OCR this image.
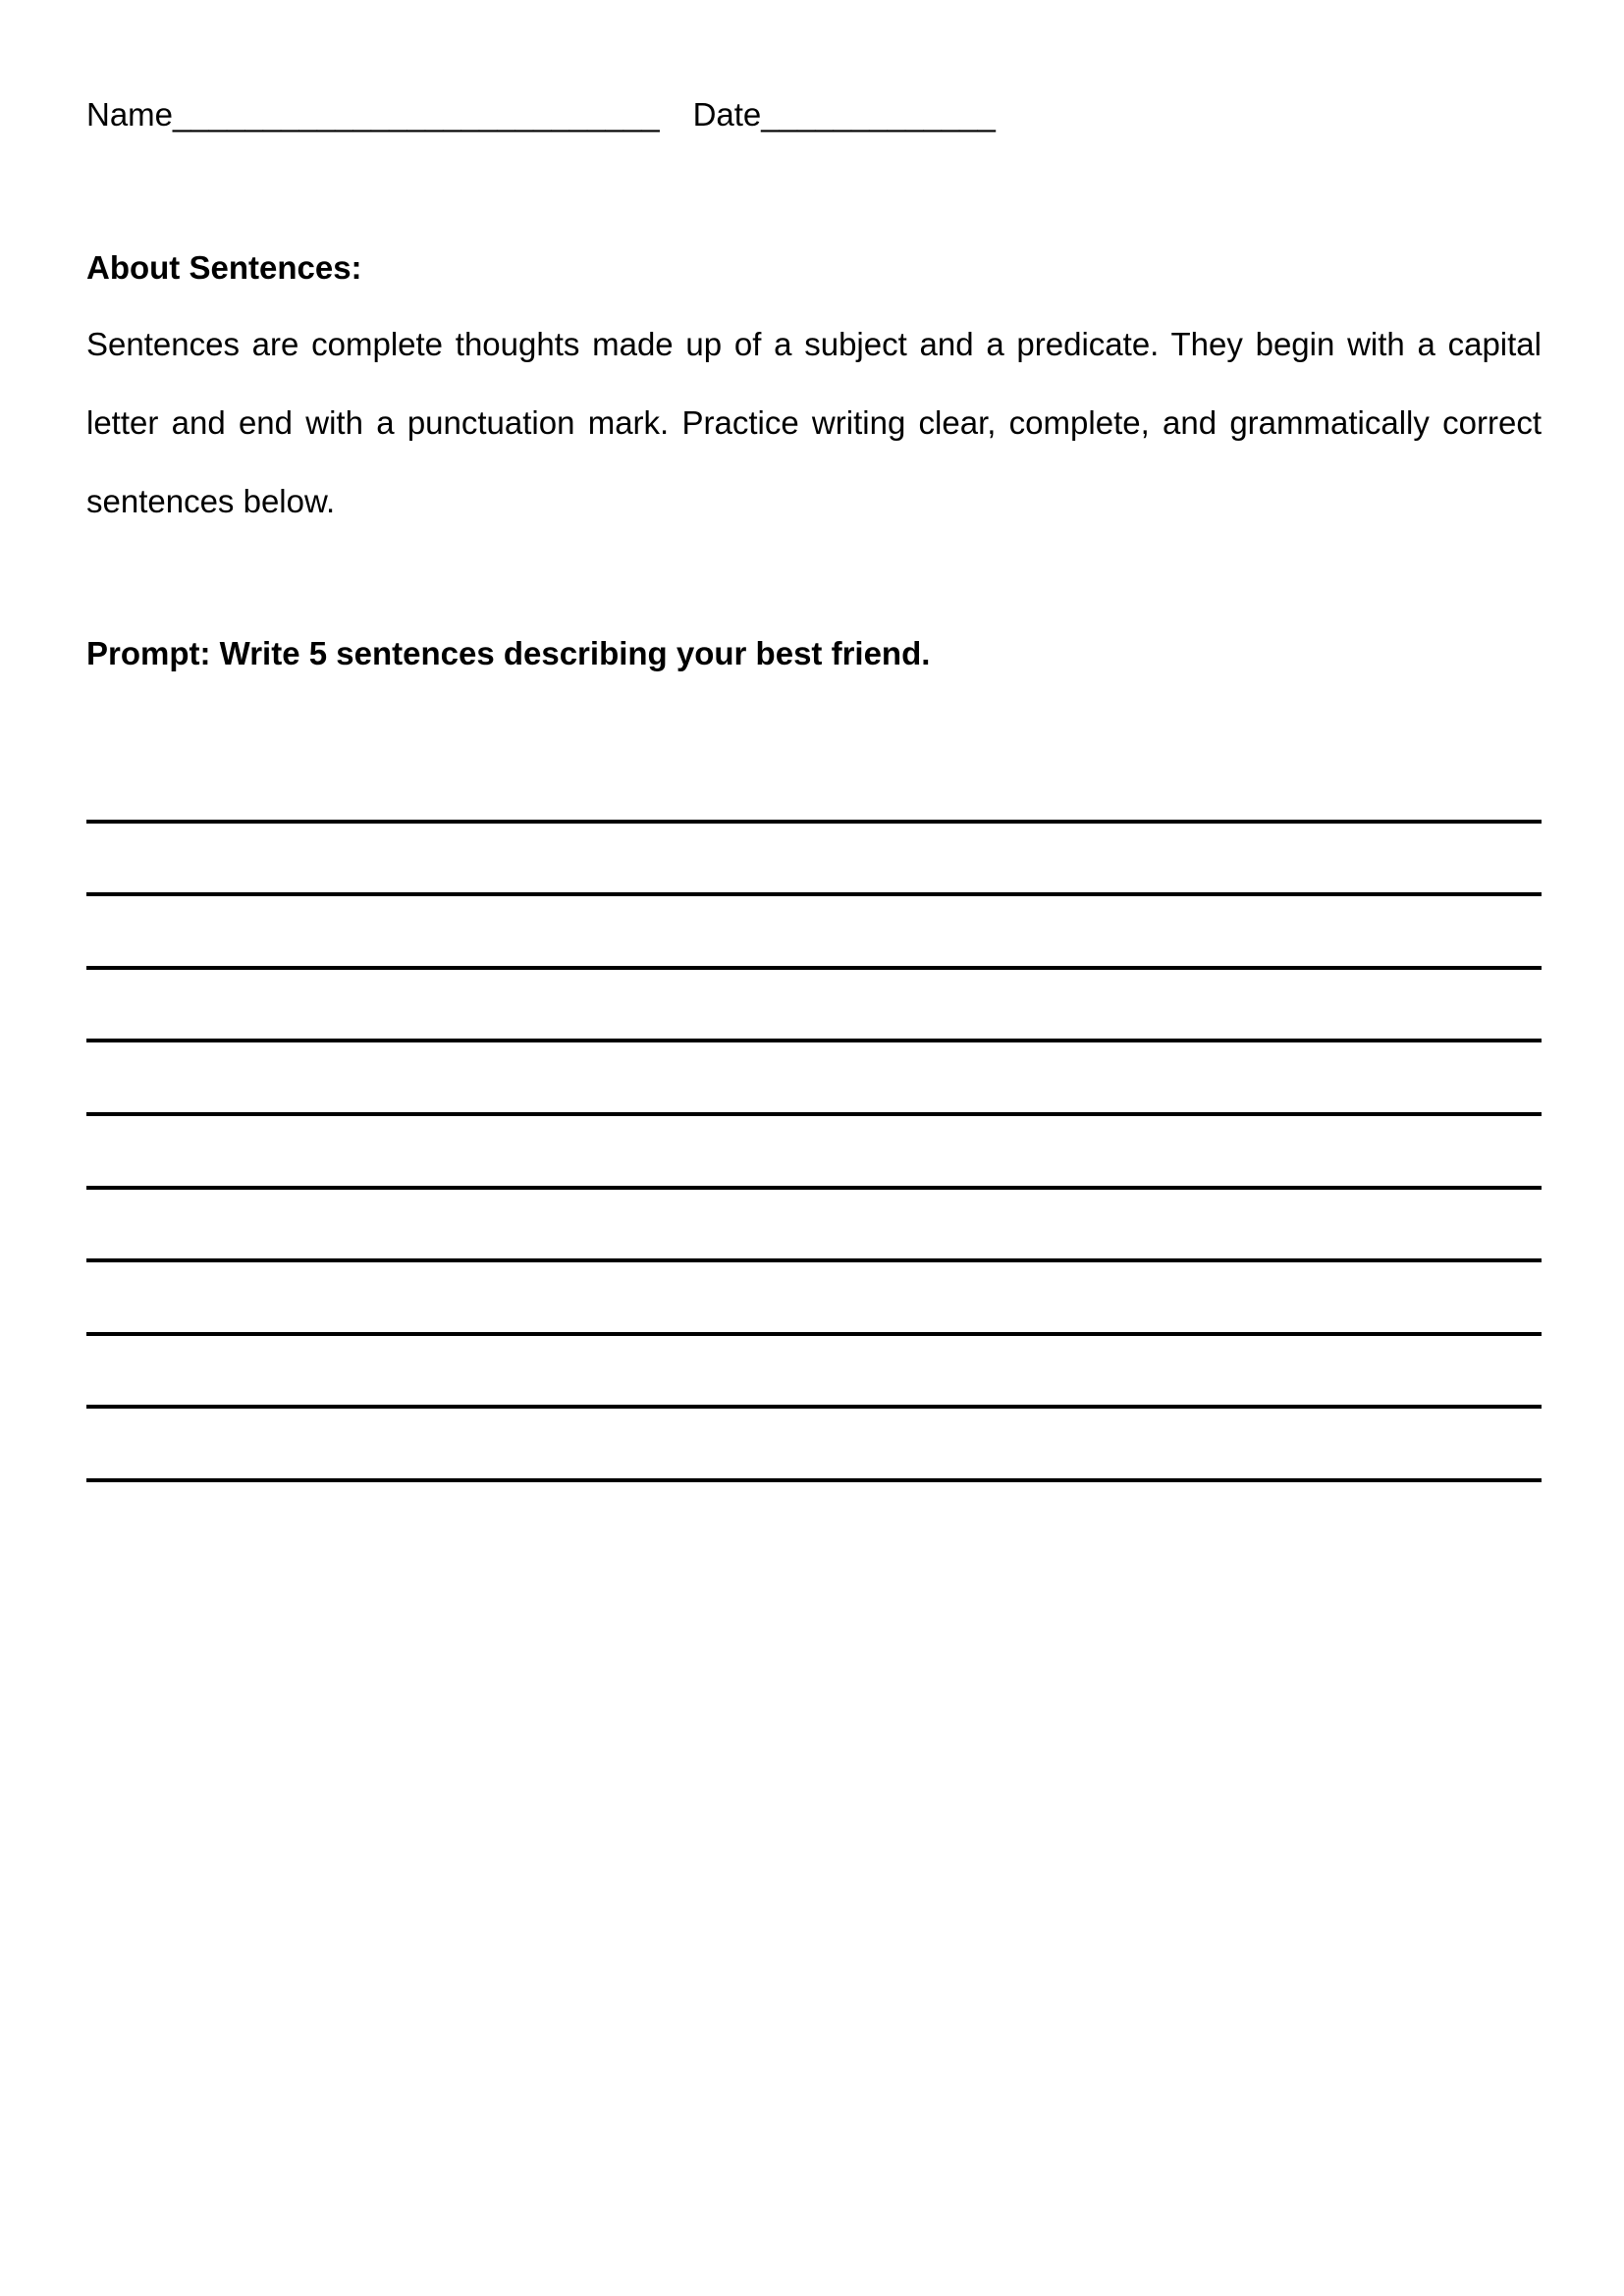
Name___________________________ Date_____________
About Sentences:
Sentences are complete thoughts made up of a subject and a predicate. They begin with a capital
letter and end with a punctuation mark. Practice writing clear, complete, and grammatically correct
sentences below.
Prompt: Write 5 sentences describing your best friend.
